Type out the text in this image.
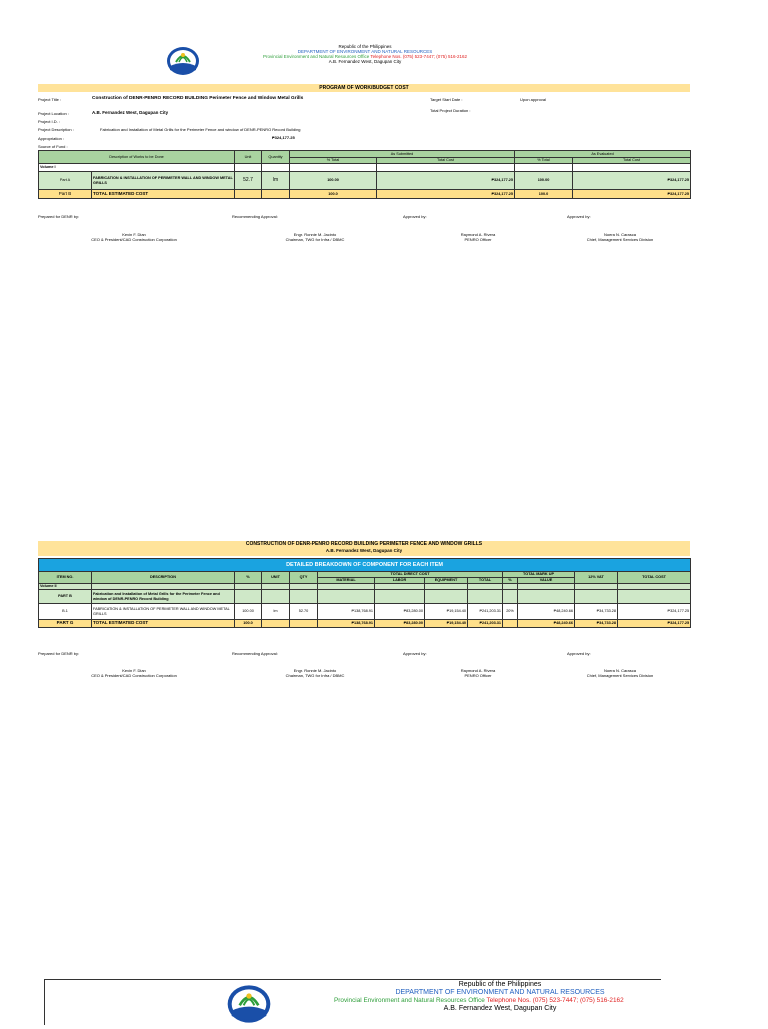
Republic of the Philippines
DEPARTMENT OF ENVIRONMENT AND NATURAL RESOURCES
Provincial Environment and Natural Resources Office Telephone Nos. (075) 523-7447; (075) 516-2162
A.B. Fernandez West, Dagupan City
PROGRAM OF WORK/BUDGET COST
Project Title :	Construction of DENR-PENRO RECORD BUILDING Perimeter Fence and Window Metal Grills	Target Start Date :	Upon approval
Project Location :	A.B. Fernandez West, Dagupan City	Total Project Duration :
Project I.D. :
Project Description :	Fabrication and Installation of Metal Grills for the Perimeter Fence and window of DENR-PENRO Record Building
Appropriation :	₱324,177.25
Source of Fund :
Description of Works to be Done		Unit	Quantity	As Submitted		As Evaluated	
				% Total	Total Cost	% Total	Total Cost
Volume I							
Part A	FABRICATION & INSTALLATION OF PERIMETER WALL AND WINDOW METAL GRILLS	52.7	lm	100.00	₱324,177.25	100.00	₱324,177.25
Part B	TOTAL ESTIMATED COST			100.0	₱324,177.25	100.0	₱324,177.25
Prepared for DENR by:	Recommending Approval:	Approved by:	Approved by:
Kevin F. Dian
CEO & President/CAD Construction Corporation
Engr. Ronnie M. Jacinto
Chairman, TWG for Infra / DBMC
Raymond A. Rivera
PENRO Officer
Noera N. Carasca
Chief, Management Services Division
CONSTRUCTION OF DENR-PENRO RECORD BUILDING PERIMETER FENCE AND WINDOW GRILLS
A.B. Fernandez West, Dagupan City
DETAILED BREAKDOWN OF COMPONENT FOR EACH ITEM												
ITEM NO.	DESCRIPTION	%	UNIT	QTY	TOTAL DIRECT COST				TOTAL MARK UP		12% VAT	TOTAL COST
					MATERIAL	LABOR	EQUIPMENT	TOTAL	%	VALUE		
Volume II												
PART B	Fabrication and Installation of Metal Grills for the Perimeter Fence and window of DENR-PENRO Record Building											
B.1	FABRICATION & INSTALLATION OF PERIMETER WALL AND WINDOW METAL GRILLS	100.00	lm	52.70	₱138,768.91	₱83,280.00	₱19,154.40	₱241,203.31	20%	₱48,240.66	₱34,733.28	₱324,177.25
PART G	TOTAL ESTIMATED COST	100.0			₱138,768.91	₱83,280.00	₱19,154.40	₱241,203.31		₱48,240.66	₱34,733.28	₱324,177.25
Prepared for DENR by:	Recommending Approval:	Approved by:	Approved by:
Kevin F. Dian
CEO & President/CAD Construction Corporation
Engr. Ronnie M. Jacinto
Chairman, TWG for Infra / DBMC
Raymond A. Rivera
PENRO Officer
Noera N. Carasca
Chief, Management Services Division
Republic of the Philippines
DEPARTMENT OF ENVIRONMENT AND NATURAL RESOURCES
Provincial Environment and Natural Resources Office Telephone Nos. (075) 523-7447; (075) 516-2162
A.B. Fernandez West, Dagupan City
